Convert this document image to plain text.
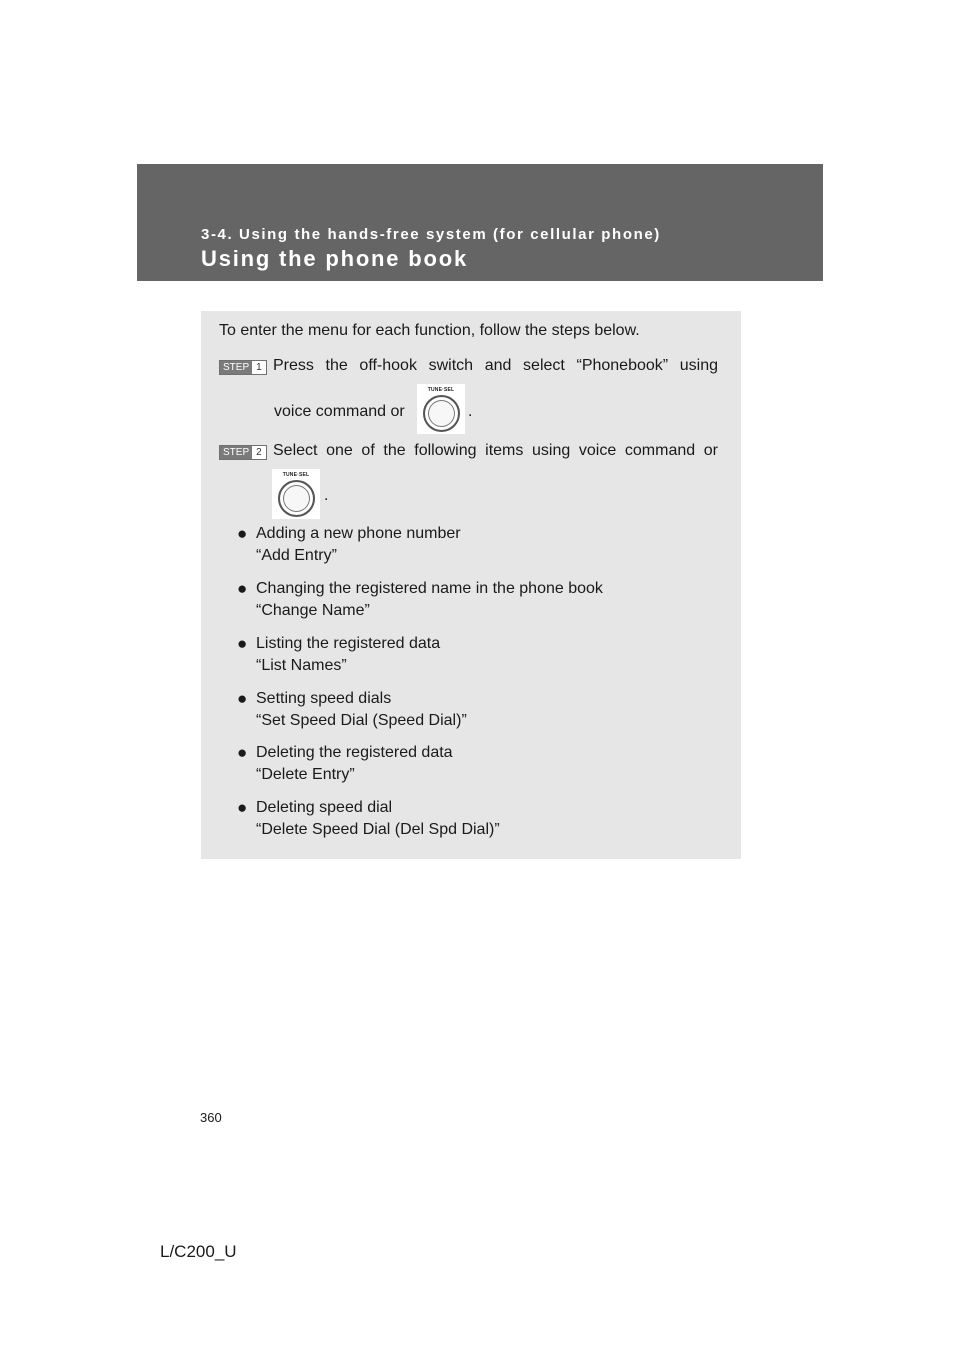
3-4. Using the hands-free system (for cellular phone)
Using the phone book
To enter the menu for each function, follow the steps below.
STEP 1 Press the off-hook switch and select “Phonebook” using
voice command or
TUNE·SEL
.
STEP 2 Select one of the following items using voice command or
TUNE·SEL
.
● Adding a new phone number
“Add Entry”
● Changing the registered name in the phone book
“Change Name”
● Listing the registered data
“List Names”
● Setting speed dials
“Set Speed Dial (Speed Dial)”
● Deleting the registered data
“Delete Entry”
● Deleting speed dial
“Delete Speed Dial (Del Spd Dial)”
360
L/C200_U
